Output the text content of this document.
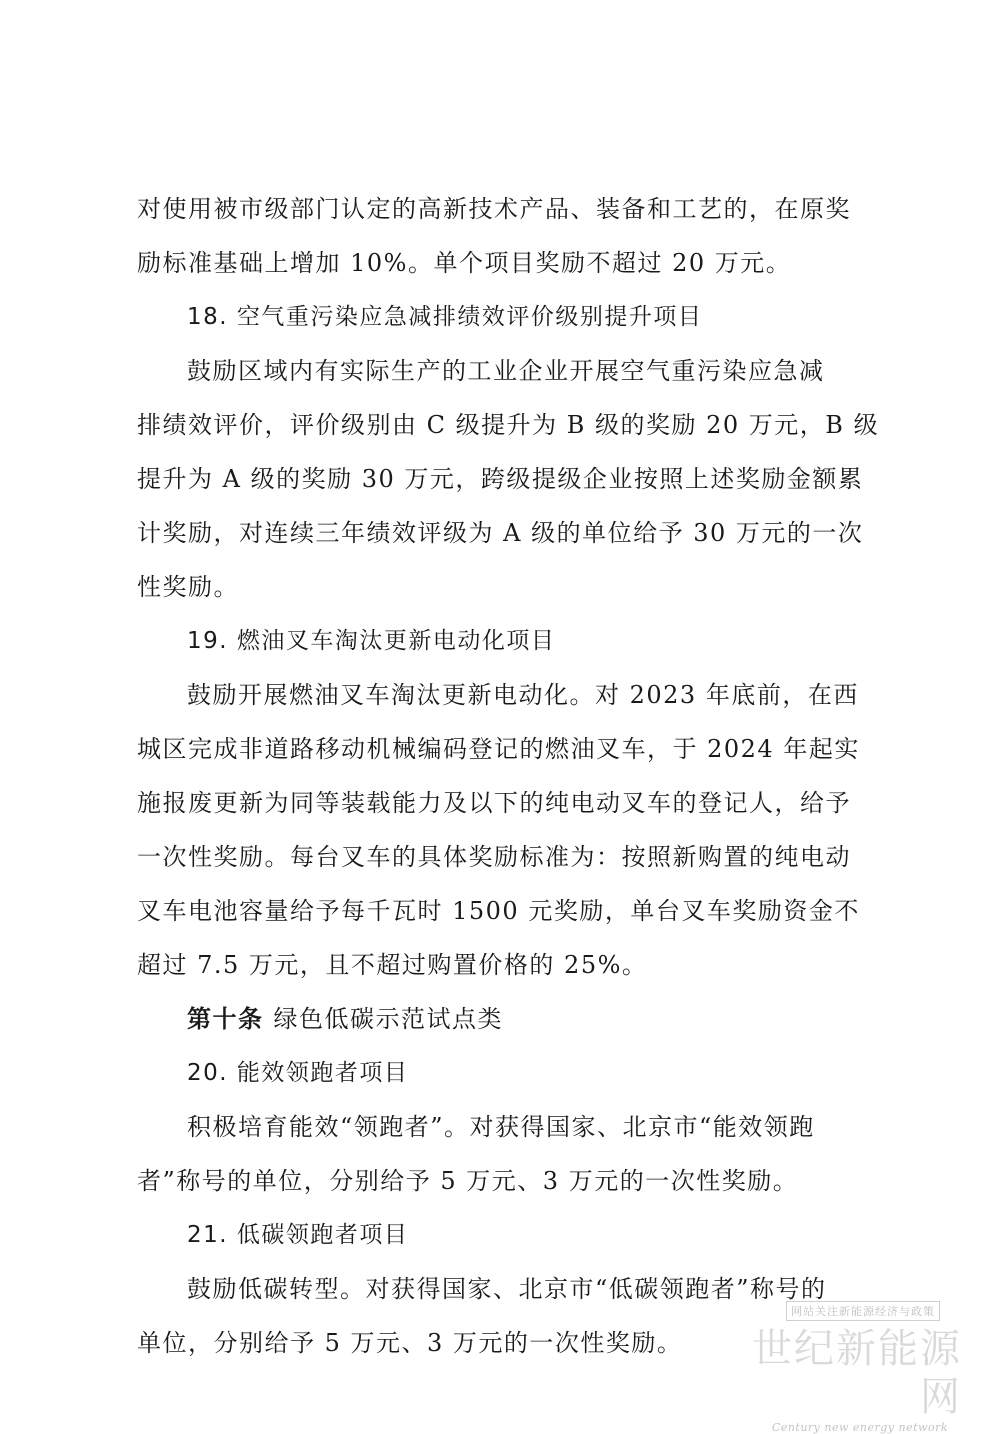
对使用被市级部门认定的高新技术产品、装备和工艺的，在原奖
励标准基础上增加 10%。单个项目奖励不超过 20 万元。
18. 空气重污染应急减排绩效评价级别提升项目
鼓励区域内有实际生产的工业企业开展空气重污染应急减
排绩效评价，评价级别由 C 级提升为 B 级的奖励 20 万元，B 级
提升为 A 级的奖励 30 万元，跨级提级企业按照上述奖励金额累
计奖励，对连续三年绩效评级为 A 级的单位给予 30 万元的一次
性奖励。
19. 燃油叉车淘汰更新电动化项目
鼓励开展燃油叉车淘汰更新电动化。对 2023 年底前，在西
城区完成非道路移动机械编码登记的燃油叉车，于 2024 年起实
施报废更新为同等装载能力及以下的纯电动叉车的登记人，给予
一次性奖励。每台叉车的具体奖励标准为：按照新购置的纯电动
叉车电池容量给予每千瓦时 1500 元奖励，单台叉车奖励资金不
超过 7.5 万元，且不超过购置价格的 25%。
第十条 绿色低碳示范试点类
20. 能效领跑者项目
积极培育能效“领跑者”。对获得国家、北京市“能效领跑
者”称号的单位，分别给予 5 万元、3 万元的一次性奖励。
21. 低碳领跑者项目
鼓励低碳转型。对获得国家、北京市“低碳领跑者”称号的
单位，分别给予 5 万元、3 万元的一次性奖励。
网站关注新能源经济与政策
世纪新能源网
Century new energy network
